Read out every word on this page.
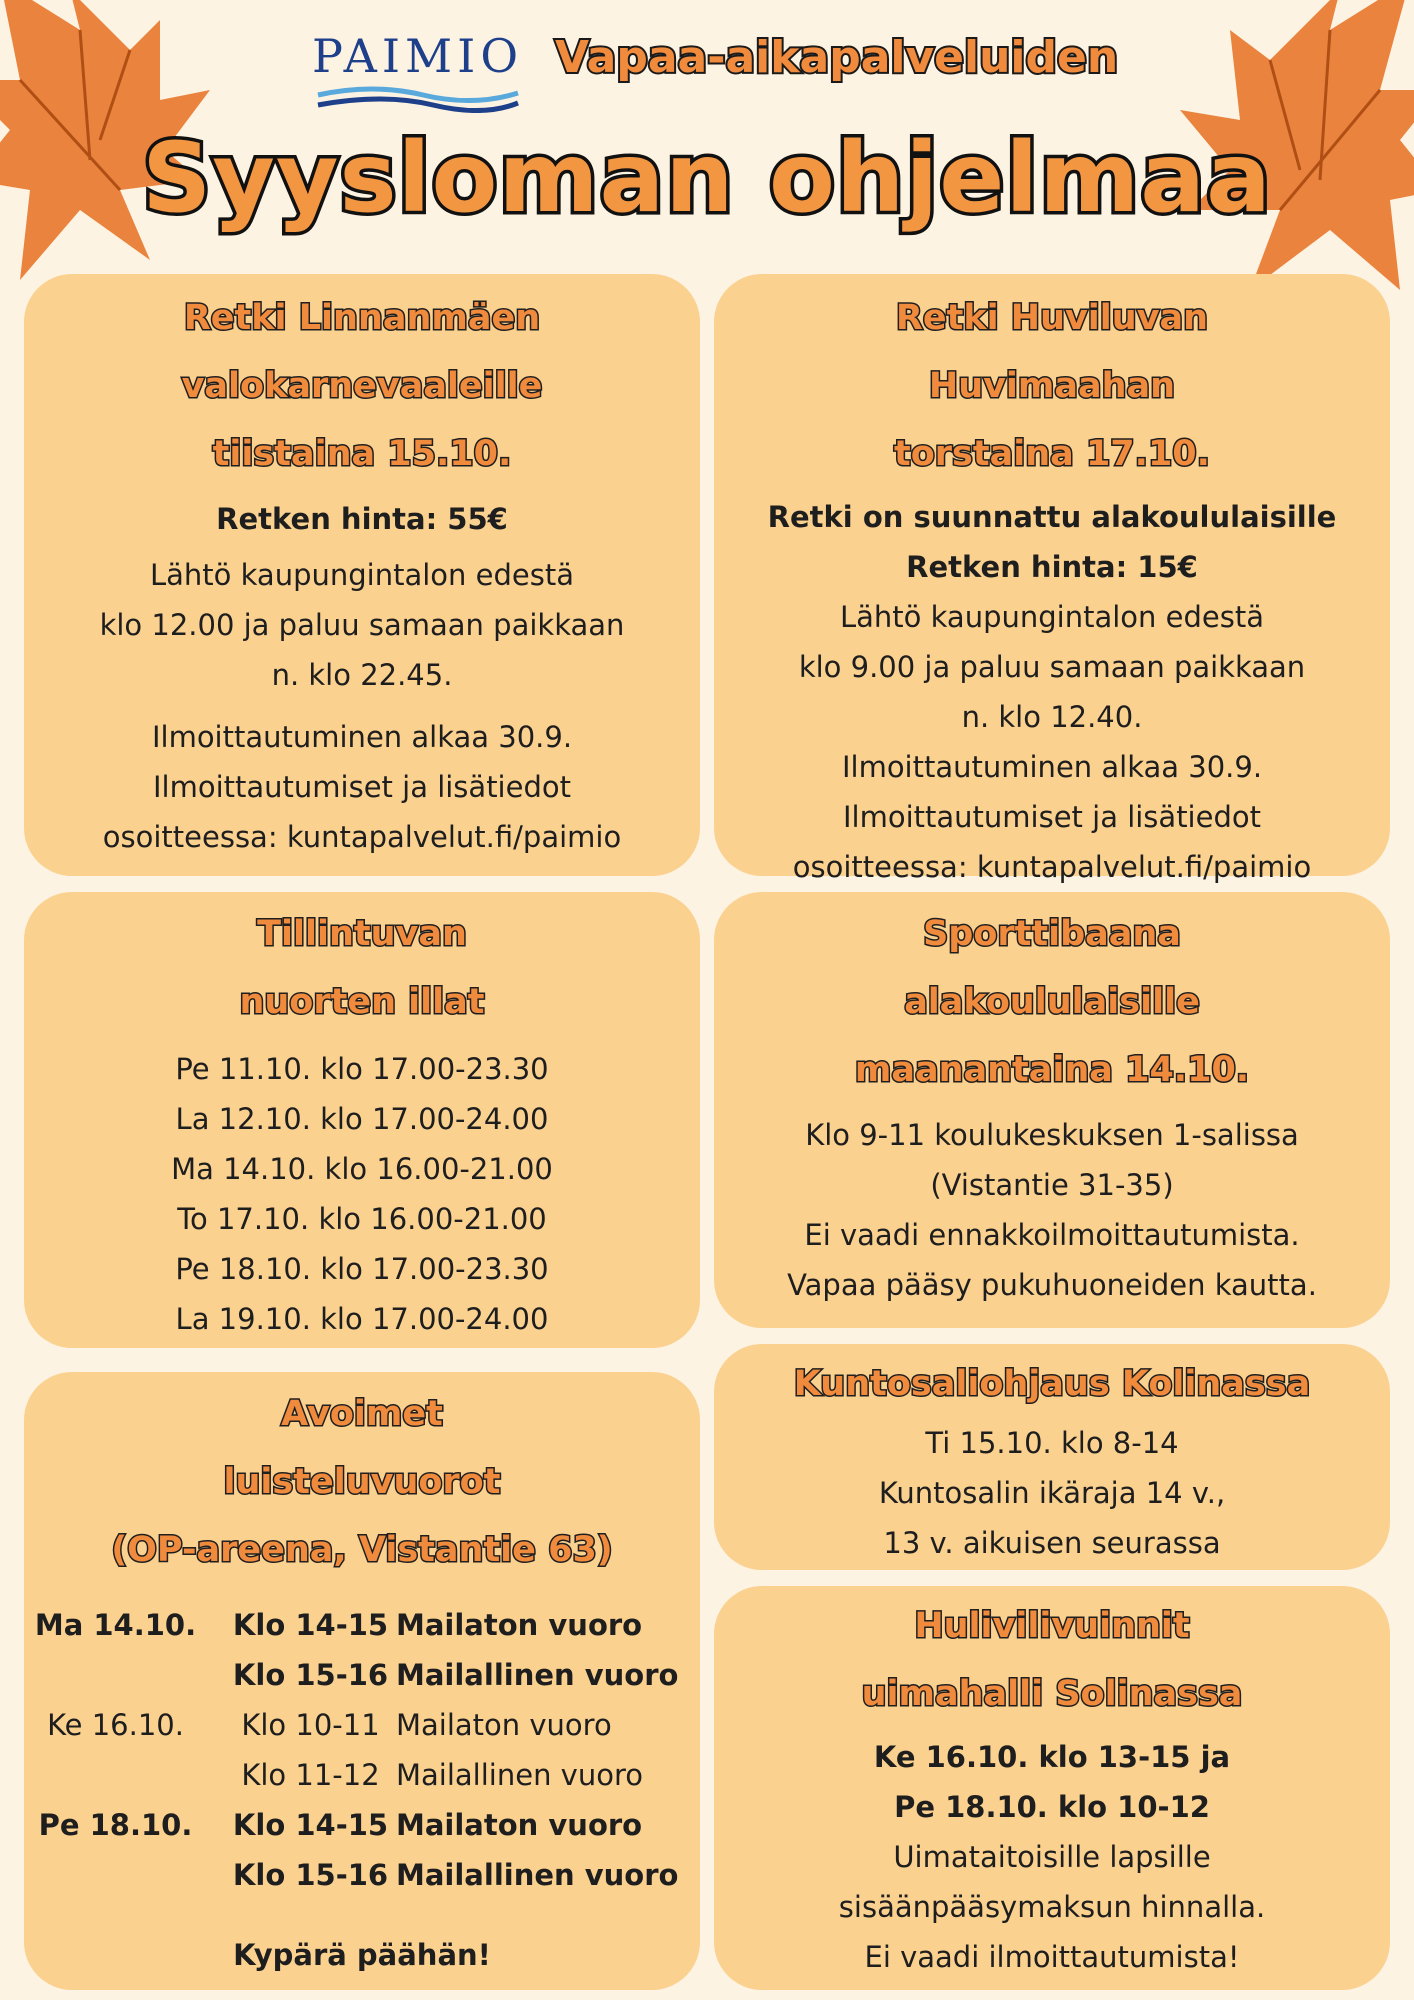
PAIMIO Vapaa-aikapalveluiden
Syysloman ohjelmaa
Retki Linnanmäen
valokarnevaaleille
tiistaina 15.10.
Retken hinta: 55€
Lähtö kaupungintalon edestä
klo 12.00 ja paluu samaan paikkaan
n. klo 22.45.
Ilmoittautuminen alkaa 30.9.
Ilmoittautumiset ja lisätiedot
osoitteessa: kuntapalvelut.fi/paimio
Retki Huviluvan
Huvimaahan
torstaina 17.10.
Retki on suunnattu alakoululaisille
Retken hinta: 15€
Lähtö kaupungintalon edestä
klo 9.00 ja paluu samaan paikkaan
n. klo 12.40.
Ilmoittautuminen alkaa 30.9.
Ilmoittautumiset ja lisätiedot
osoitteessa: kuntapalvelut.fi/paimio
Tillintuvan
nuorten illat
Pe 11.10. klo 17.00-23.30
La 12.10. klo 17.00-24.00
Ma 14.10. klo 16.00-21.00
To 17.10. klo 16.00-21.00
Pe 18.10. klo 17.00-23.30
La 19.10. klo 17.00-24.00
Sporttibaana
alakoululaisille
maanantaina 14.10.
Klo 9-11 koulukeskuksen 1-salissa
(Vistantie 31-35)
Ei vaadi ennakkoilmoittautumista.
Vapaa pääsy pukuhuoneiden kautta.
Kuntosaliohjaus Kolinassa
Ti 15.10. klo 8-14
Kuntosalin ikäraja 14 v.,
13 v. aikuisen seurassa
Avoimet
luisteluvuorot
(OP-areena, Vistantie 63)
Ma 14.10.	Klo 14-15 Mailaton vuoro
Klo 15-16 Mailallinen vuoro
Ke 16.10.	Klo 10-11 Mailaton vuoro
Klo 11-12 Mailallinen vuoro
Pe 18.10.	Klo 14-15 Mailaton vuoro
Klo 15-16 Mailallinen vuoro
Kypärä päähän!
Hulivilivuinnit
uimahalli Solinassa
Ke 16.10. klo 13-15 ja
Pe 18.10. klo 10-12
Uimataitoisille lapsille
sisäänpääsymaksun hinnalla.
Ei vaadi ilmoittautumista!
